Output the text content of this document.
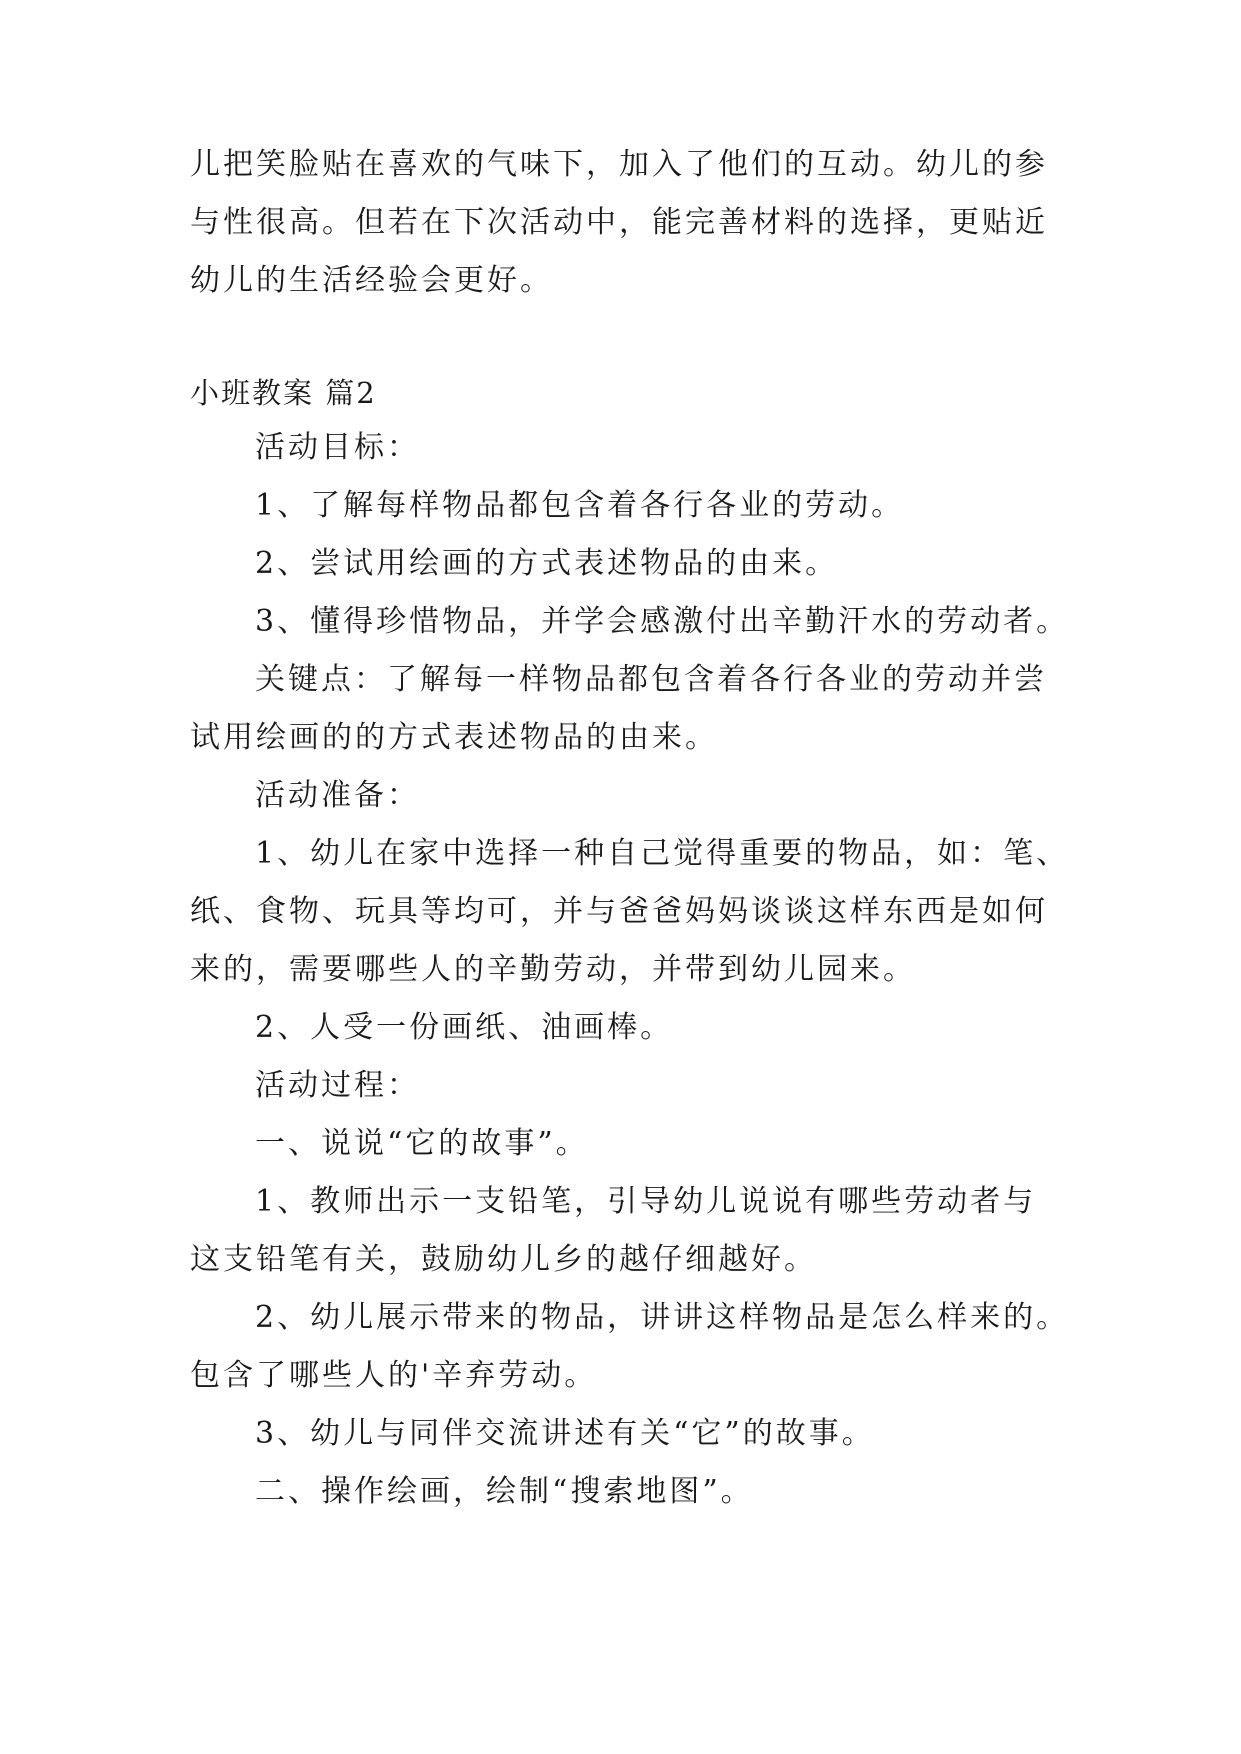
儿把笑脸贴在喜欢的气味下，加入了他们的互动。幼儿的参
与性很高。但若在下次活动中，能完善材料的选择，更贴近
幼儿的生活经验会更好。
小班教案 篇2
活动目标：
1、了解每样物品都包含着各行各业的劳动。
2、尝试用绘画的方式表述物品的由来。
3、懂得珍惜物品，并学会感激付出辛勤汗水的劳动者。
关键点：了解每一样物品都包含着各行各业的劳动并尝
试用绘画的的方式表述物品的由来。
活动准备：
1、幼儿在家中选择一种自己觉得重要的物品，如：笔、
纸、食物、玩具等均可，并与爸爸妈妈谈谈这样东西是如何
来的，需要哪些人的辛勤劳动，并带到幼儿园来。
2、人受一份画纸、油画棒。
活动过程：
一、说说“它的故事”。
1、教师出示一支铅笔，引导幼儿说说有哪些劳动者与
这支铅笔有关，鼓励幼儿乡的越仔细越好。
2、幼儿展示带来的物品，讲讲这样物品是怎么样来的。
包含了哪些人的'辛弃劳动。
3、幼儿与同伴交流讲述有关“它”的故事。
二、操作绘画，绘制“搜索地图”。
